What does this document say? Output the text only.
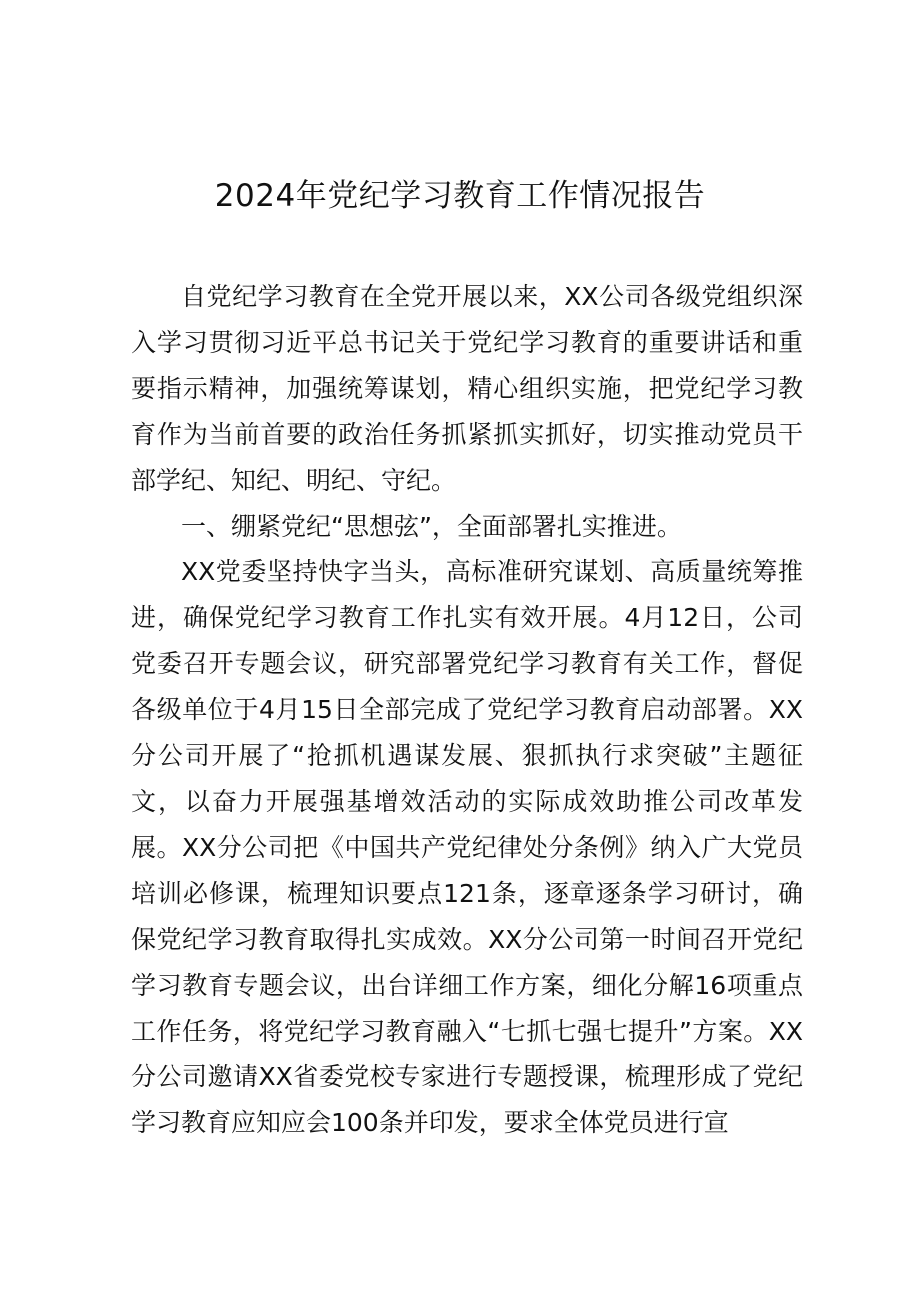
2024年党纪学习教育工作情况报告

自党纪学习教育在全党开展以来，XX公司各级党组织深入学习贯彻习近平总书记关于党纪学习教育的重要讲话和重要指示精神，加强统筹谋划，精心组织实施，把党纪学习教育作为当前首要的政治任务抓紧抓实抓好，切实推动党员干部学纪、知纪、明纪、守纪。

一、绷紧党纪“思想弦”，全面部署扎实推进。

XX党委坚持快字当头，高标准研究谋划、高质量统筹推进，确保党纪学习教育工作扎实有效开展。4月12日，公司党委召开专题会议，研究部署党纪学习教育有关工作，督促各级单位于4月15日全部完成了党纪学习教育启动部署。XX分公司开展了“抢抓机遇谋发展、狠抓执行求突破”主题征文，以奋力开展强基增效活动的实际成效助推公司改革发展。XX分公司把《中国共产党纪律处分条例》纳入广大党员培训必修课，梳理知识要点121条，逐章逐条学习研讨，确保党纪学习教育取得扎实成效。XX分公司第一时间召开党纪学习教育专题会议，出台详细工作方案，细化分解16项重点工作任务，将党纪学习教育融入“七抓七强七提升”方案。XX分公司邀请XX省委党校专家进行专题授课，梳理形成了党纪学习教育应知应会100条并印发，要求全体党员进行宣
